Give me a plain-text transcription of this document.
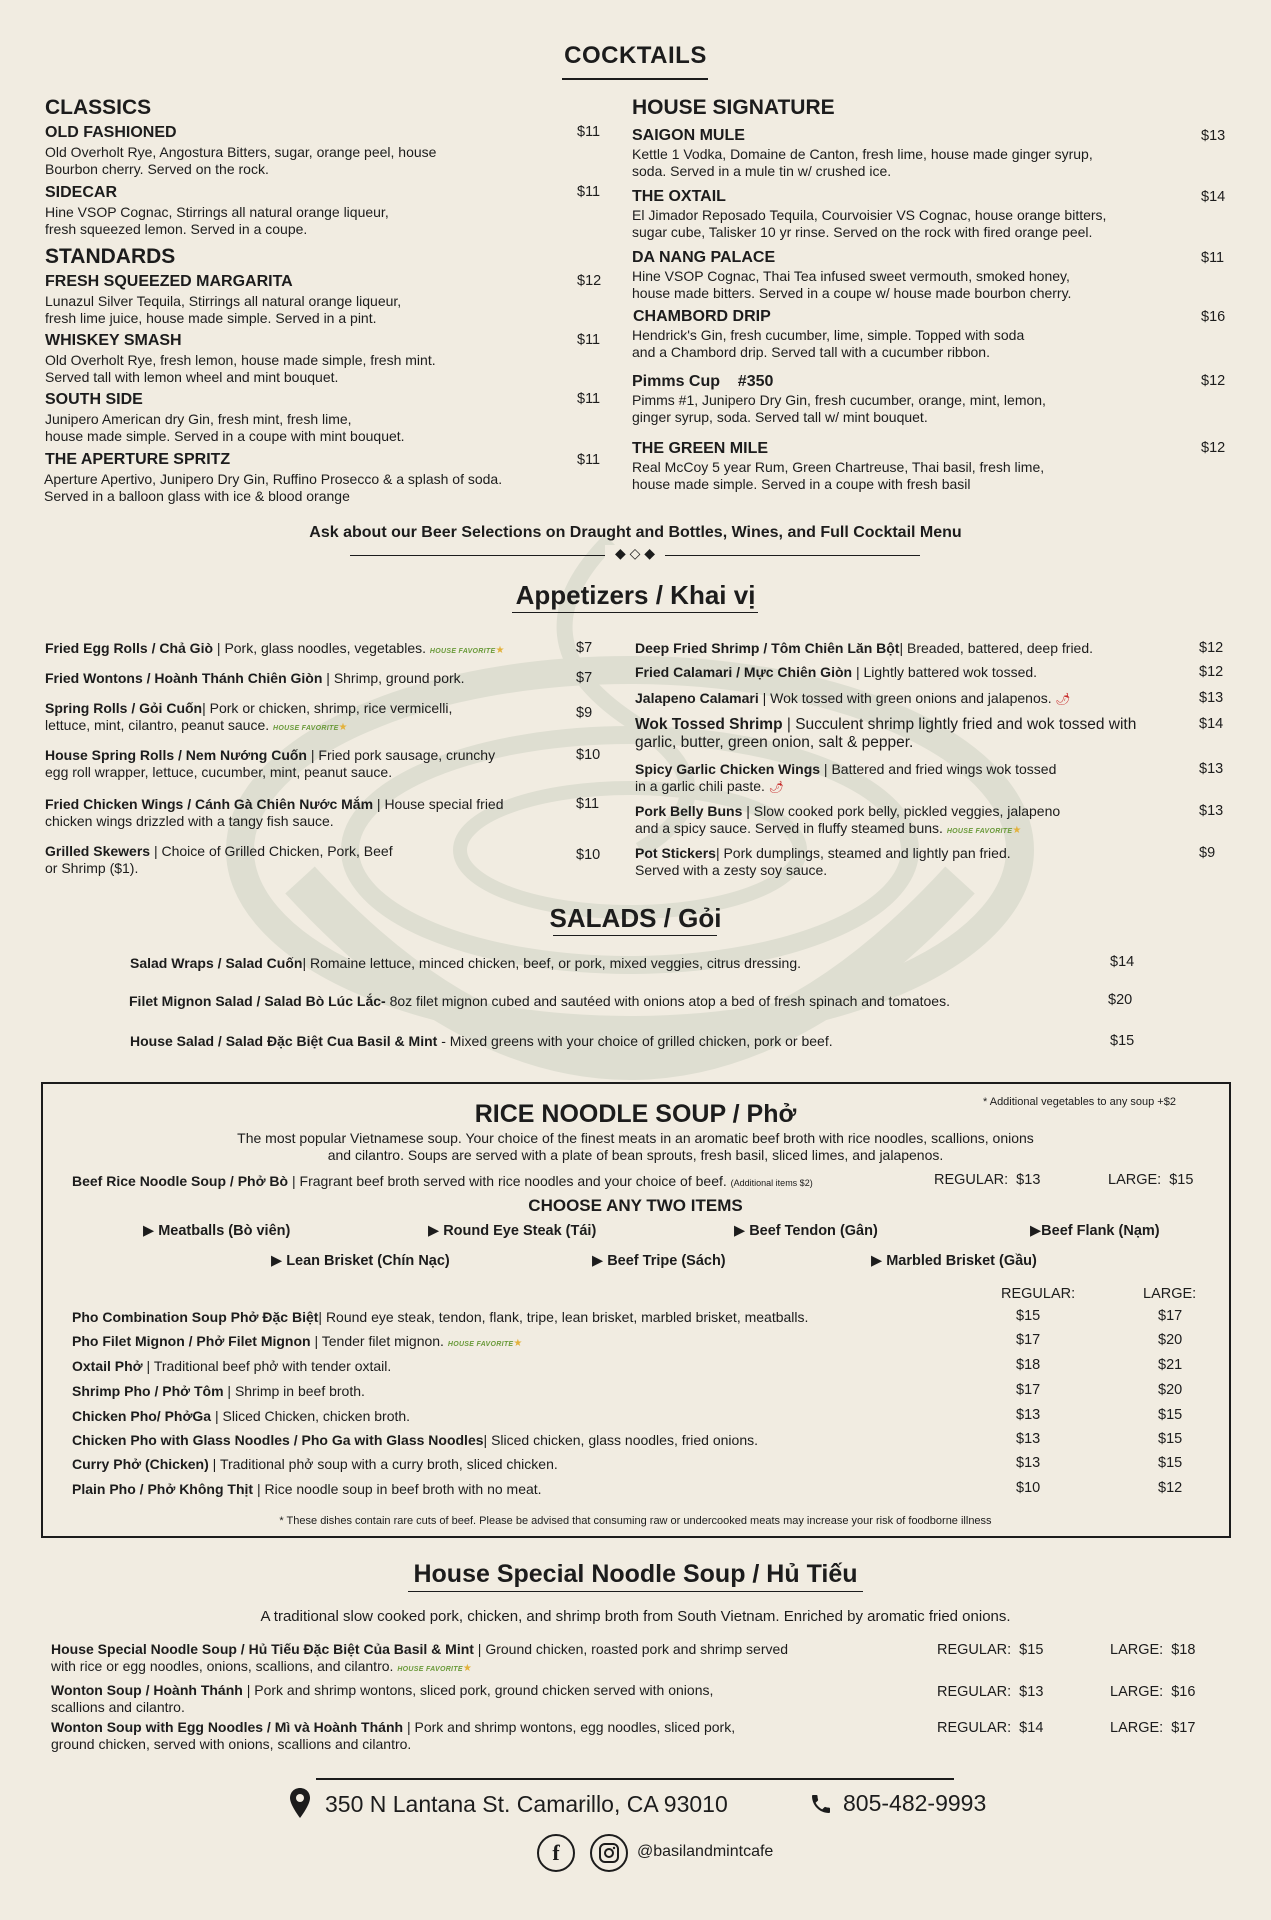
COCKTAILS
CLASSICS
STANDARDS
HOUSE SIGNATURE
OLD FASHIONED	$11
Old Overholt Rye, Angostura Bitters, sugar, orange peel, house
Bourbon cherry. Served on the rock.
SIDECAR	$11
Hine VSOP Cognac, Stirrings all natural orange liqueur,
fresh squeezed lemon. Served in a coupe.
FRESH SQUEEZED MARGARITA	$12
Lunazul Silver Tequila, Stirrings all natural orange liqueur,
fresh lime juice, house made simple. Served in a pint.
WHISKEY SMASH	$11
Old Overholt Rye, fresh lemon, house made simple, fresh mint.
Served tall with lemon wheel and mint bouquet.
SOUTH SIDE	$11
Junipero American dry Gin, fresh mint, fresh lime,
house made simple. Served in a coupe with mint bouquet.
THE APERTURE SPRITZ	$11
Aperture Apertivo, Junipero Dry Gin, Ruffino Prosecco & a splash of soda.
Served in a balloon glass with ice & blood orange
SAIGON MULE	$13
Kettle 1 Vodka, Domaine de Canton, fresh lime, house made ginger syrup,
soda. Served in a mule tin w/ crushed ice.
THE OXTAIL	$14
El Jimador Reposado Tequila, Courvoisier VS Cognac, house orange bitters,
sugar cube, Talisker 10 yr rinse. Served on the rock with fired orange peel.
DA NANG PALACE	$11
Hine VSOP Cognac, Thai Tea infused sweet vermouth, smoked honey,
house made bitters. Served in a coupe w/ house made bourbon cherry.
CHAMBORD DRIP	$16
Hendrick's Gin, fresh cucumber, lime, simple. Topped with soda
and a Chambord drip. Served tall with a cucumber ribbon.
Pimms Cup    #350	$12
Pimms #1, Junipero Dry Gin, fresh cucumber, orange, mint, lemon,
ginger syrup, soda. Served tall w/ mint bouquet.
THE GREEN MILE	$12
Real McCoy 5 year Rum, Green Chartreuse, Thai basil, fresh lime,
house made simple. Served in a coupe with fresh basil
Ask about our Beer Selections on Draught and Bottles, Wines, and Full Cocktail Menu
◆ ◇ ◆
Appetizers / Khai vị
Fried Egg Rolls / Chả Giò | Pork, glass noodles, vegetables. HOUSE FAVORITE★	$7
Fried Wontons / Hoành Thánh Chiên Giòn | Shrimp, ground pork.	$7
Spring Rolls / Gỏi Cuốn| Pork or chicken, shrimp, rice vermicelli,
lettuce, mint, cilantro, peanut sauce. HOUSE FAVORITE★
$9
House Spring Rolls / Nem Nướng Cuốn | Fried pork sausage, crunchy
egg roll wrapper, lettuce, cucumber, mint, peanut sauce.
$10
Fried Chicken Wings / Cánh Gà Chiên Nước Mắm | House special fried
chicken wings drizzled with a tangy fish sauce.
$11
Grilled Skewers | Choice of Grilled Chicken, Pork, Beef
or Shrimp ($1).
$10
Deep Fried Shrimp / Tôm Chiên Lăn Bột| Breaded, battered, deep fried.	$12
Fried Calamari / Mực Chiên Giòn | Lightly battered wok tossed.	$12
Jalapeno Calamari | Wok tossed with green onions and jalapenos. 🌶	$13
Wok Tossed Shrimp | Succulent shrimp lightly fried and wok tossed with
garlic, butter, green onion, salt & pepper.
$14
Spicy Garlic Chicken Wings | Battered and fried wings wok tossed
in a garlic chili paste. 🌶
$13
Pork Belly Buns | Slow cooked pork belly, pickled veggies, jalapeno
and a spicy sauce. Served in fluffy steamed buns. HOUSE FAVORITE★
$13
Pot Stickers| Pork dumplings, steamed and lightly pan fried.
Served with a zesty soy sauce.
$9
SALADS / Gỏi
Salad Wraps / Salad Cuốn| Romaine lettuce, minced chicken, beef, or pork, mixed veggies, citrus dressing.	$14
Filet Mignon Salad / Salad Bò Lúc Lắc- 8oz filet mignon cubed and sautéed with onions atop a bed of fresh spinach and tomatoes.	$20
House Salad / Salad Đặc Biệt Cua Basil & Mint - Mixed greens with your choice of grilled chicken, pork or beef.	$15
RICE NOODLE SOUP / Phở	* Additional vegetables to any soup +$2
The most popular Vietnamese soup. Your choice of the finest meats in an aromatic beef broth with rice noodles, scallions, onions
and cilantro. Soups are served with a plate of bean sprouts, fresh basil, sliced limes, and jalapenos.
Beef Rice Noodle Soup / Phở Bò | Fragrant beef broth served with rice noodles and your choice of beef. (Additional items $2)	REGULAR:  $13	LARGE:  $15
CHOOSE ANY TWO ITEMS
▶ Meatballs (Bò viên)	▶ Round Eye Steak (Tái)	▶ Beef Tendon (Gân)	▶Beef Flank (Nạm)
▶ Lean Brisket (Chín Nạc)	▶ Beef Tripe (Sách)	▶ Marbled Brisket (Gầu)
REGULAR:	LARGE:
Pho Combination Soup Phở Đặc Biệt| Round eye steak, tendon, flank, tripe, lean brisket, marbled brisket, meatballs.	$15	$17
Pho Filet Mignon / Phở Filet Mignon | Tender filet mignon. HOUSE FAVORITE★	$17	$20
Oxtail Phở | Traditional beef phở with tender oxtail.	$18	$21
Shrimp Pho / Phở Tôm | Shrimp in beef broth.	$17	$20
Chicken Pho/ PhởGa | Sliced Chicken, chicken broth.	$13	$15
Chicken Pho with Glass Noodles / Pho Ga with Glass Noodles| Sliced chicken, glass noodles, fried onions.	$13	$15
Curry Phở (Chicken) | Traditional phở soup with a curry broth, sliced chicken.	$13	$15
Plain Pho / Phở Không Thịt | Rice noodle soup in beef broth with no meat.	$10	$12
* These dishes contain rare cuts of beef. Please be advised that consuming raw or undercooked meats may increase your risk of foodborne illness
House Special Noodle Soup / Hủ Tiếu
A traditional slow cooked pork, chicken, and shrimp broth from South Vietnam. Enriched by aromatic fried onions.
House Special Noodle Soup / Hủ Tiếu Đặc Biệt Của Basil & Mint | Ground chicken, roasted pork and shrimp served
with rice or egg noodles, onions, scallions, and cilantro. HOUSE FAVORITE★
REGULAR:  $15	LARGE:  $18
Wonton Soup / Hoành Thánh | Pork and shrimp wontons, sliced pork, ground chicken served with onions,
scallions and cilantro.
REGULAR:  $13	LARGE:  $16
Wonton Soup with Egg Noodles / Mì và Hoành Thánh | Pork and shrimp wontons, egg noodles, sliced pork,
ground chicken, served with onions, scallions and cilantro.
REGULAR:  $14	LARGE:  $17
350 N Lantana St. Camarillo, CA 93010	805-482-9993
f	@basilandmintcafe
